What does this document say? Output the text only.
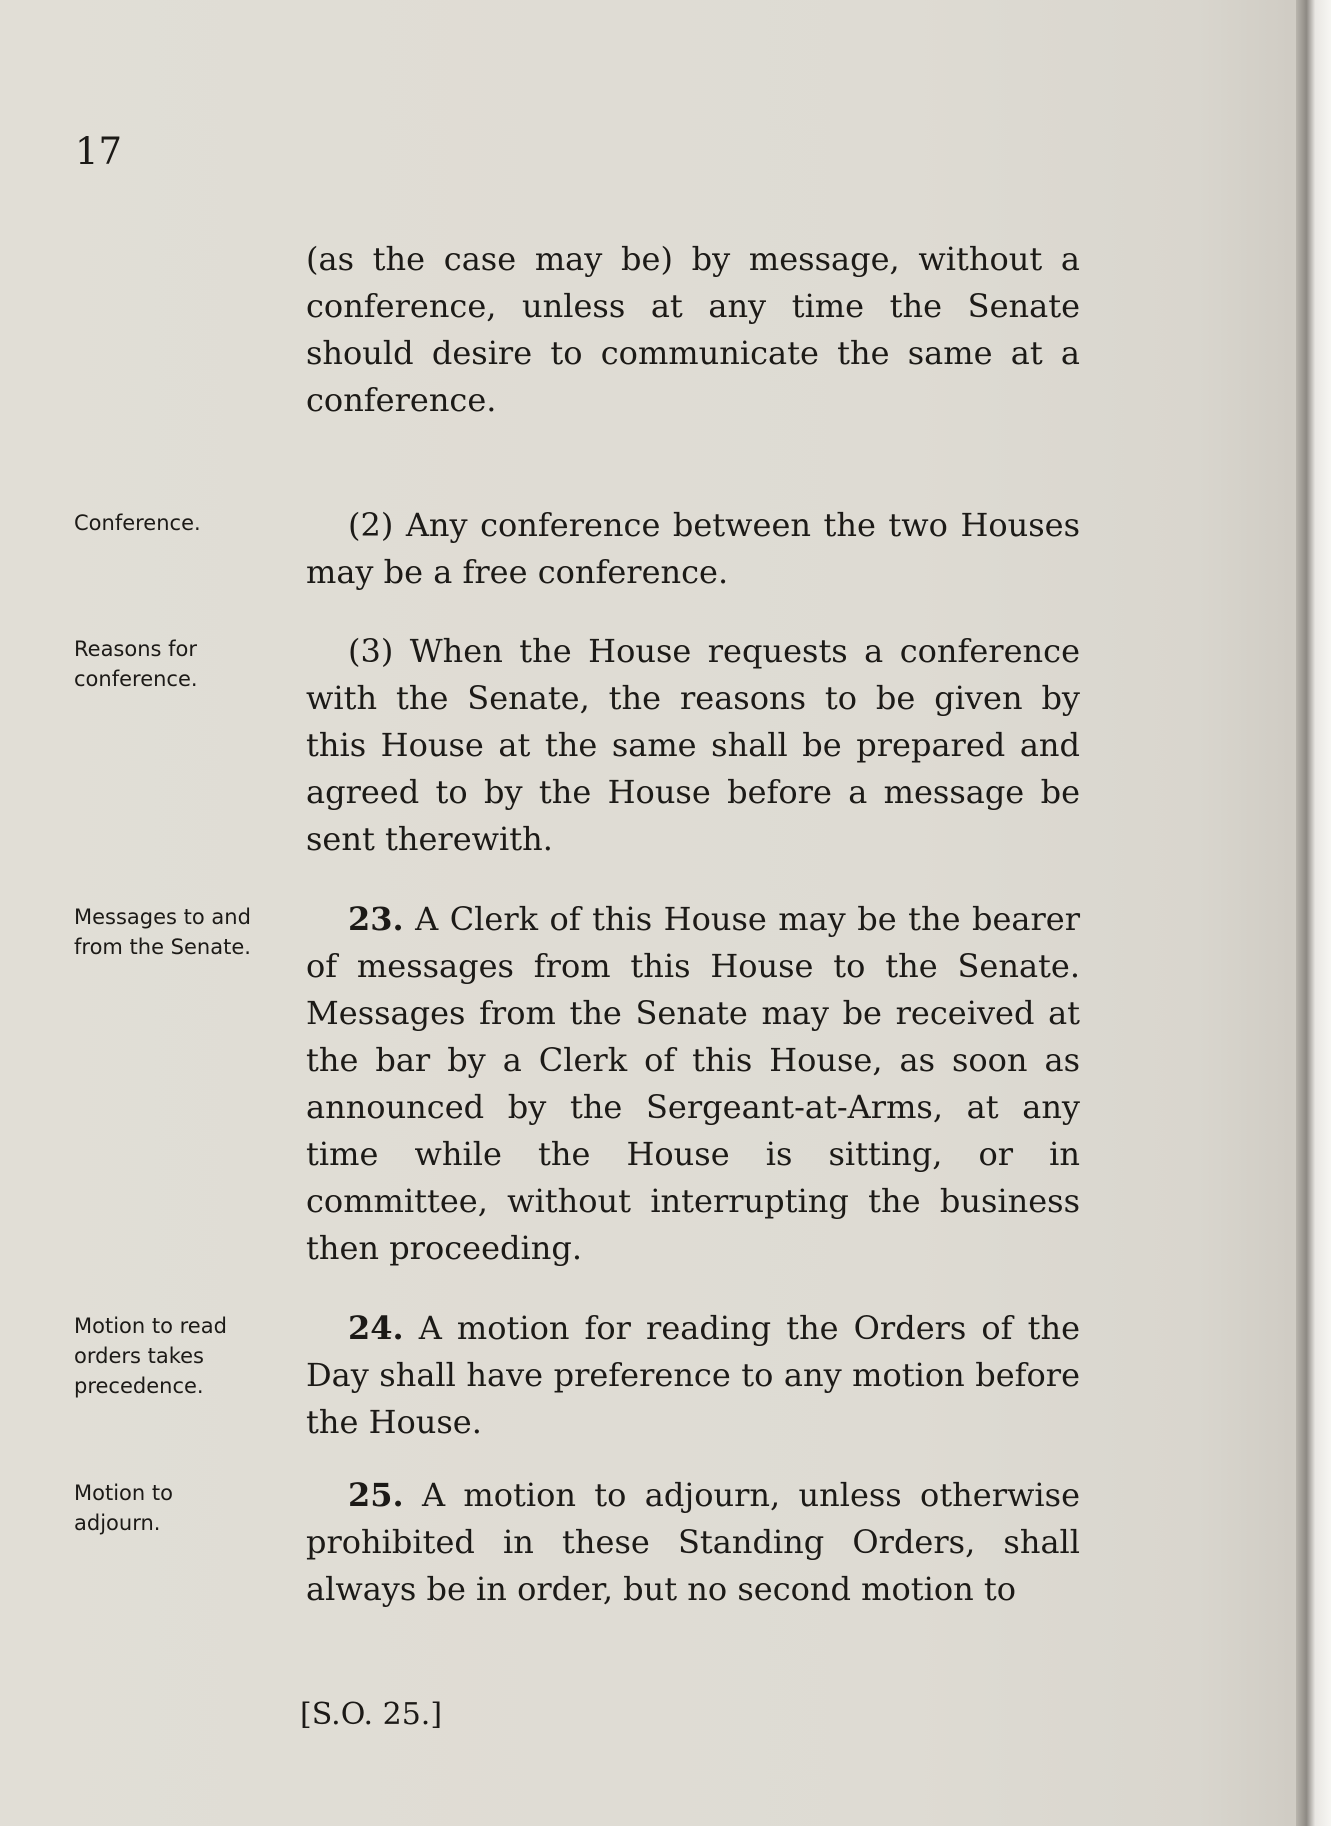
17

(as the case may be) by message, without a conference, unless at any time the Senate should desire to communicate the same at a conference.

Conference.	(2) Any conference between the two Houses may be a free conference.

Reasons for conference.

(3) When the House requests a conference with the Senate, the reasons to be given by this House at the same shall be prepared and agreed to by the House before a message be sent therewith.

Messages to and from the Senate.

23. A Clerk of this House may be the bearer of messages from this House to the Senate. Messages from the Senate may be received at the bar by a Clerk of this House, as soon as announced by the Sergeant-at-Arms, at any time while the House is sitting, or in committee, without interrupting the business then proceeding.

Motion to read orders takes precedence.

24. A motion for reading the Orders of the Day shall have preference to any motion before the House.

Motion to adjourn.

25. A motion to adjourn, unless otherwise prohibited in these Standing Orders, shall always be in order, but no second motion to

[S.O. 25.]
